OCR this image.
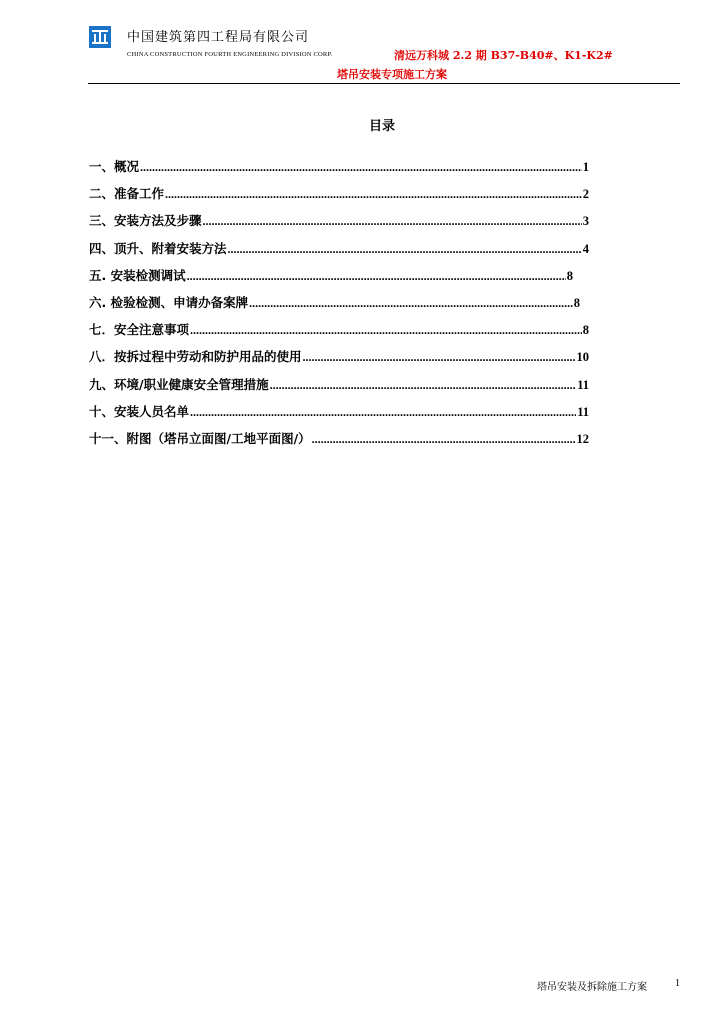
中国建筑第四工程局有限公司
CHINA CONSTRUCTION FOURTH ENGINEERING DIVISION CORP.	清远万科城 2.2 期 B37-B40#、K1-K2#
塔吊安装专项施工方案
目录
一、概况 .....	1
二、准备工作 .....	2
三、安装方法及步骤 .....	3
四、顶升、附着安装方法 .....	4
五. 安装检测调试 .....	8
六. 检验检测、申请办备案牌 .....	8
七．安全注意事项 .....	8
八．按拆过程中劳动和防护用品的使用 .....	10
九、环境/职业健康安全管理措施 .....	11
十、安装人员名单 .....	11
十一、附图（塔吊立面图/工地平面图/） .....	12
塔吊安装及拆除施工方案	1
